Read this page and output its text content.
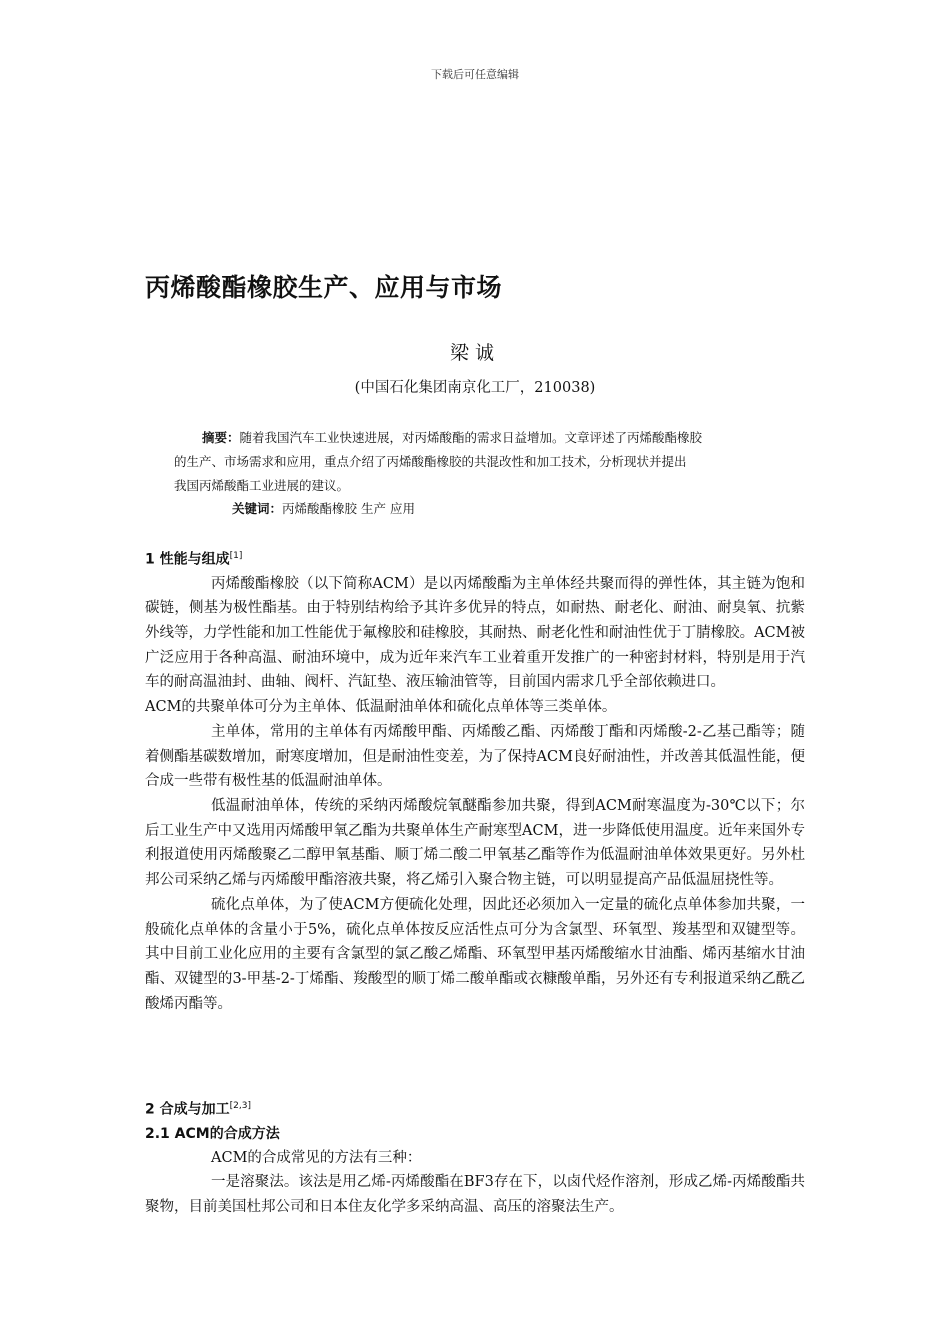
下载后可任意编辑
丙烯酸酯橡胶生产、应用与市场
梁诚
(中国石化集团南京化工厂，210038)
摘要：随着我国汽车工业快速进展，对丙烯酸酯的需求日益增加。文章评述了丙烯酸酯橡胶
的生产、市场需求和应用，重点介绍了丙烯酸酯橡胶的共混改性和加工技术，分析现状并提出
我国丙烯酸酯工业进展的建议。
关键词：丙烯酸酯橡胶 生产 应用
1 性能与组成[1]

丙烯酸酯橡胶（以下简称ACM）是以丙烯酸酯为主单体经共聚而得的弹性体，其主链为饱和碳链，侧基为极性酯基。由于特别结构给予其许多优异的特点，如耐热、耐老化、耐油、耐臭氧、抗紫外线等，力学性能和加工性能优于氟橡胶和硅橡胶，其耐热、耐老化性和耐油性优于丁腈橡胶。ACM被广泛应用于各种高温、耐油环境中，成为近年来汽车工业着重开发推广的一种密封材料，特别是用于汽车的耐高温油封、曲轴、阀杆、汽缸垫、液压输油管等，目前国内需求几乎全部依赖进口。

ACM的共聚单体可分为主单体、低温耐油单体和硫化点单体等三类单体。

主单体，常用的主单体有丙烯酸甲酯、丙烯酸乙酯、丙烯酸丁酯和丙烯酸-2-乙基己酯等；随着侧酯基碳数增加，耐寒度增加，但是耐油性变差，为了保持ACM良好耐油性，并改善其低温性能，便合成一些带有极性基的低温耐油单体。

低温耐油单体，传统的采纳丙烯酸烷氧醚酯参加共聚，得到ACM耐寒温度为-30℃以下；尔后工业生产中又选用丙烯酸甲氧乙酯为共聚单体生产耐寒型ACM，进一步降低使用温度。近年来国外专利报道使用丙烯酸聚乙二醇甲氧基酯、顺丁烯二酸二甲氧基乙酯等作为低温耐油单体效果更好。另外杜邦公司采纳乙烯与丙烯酸甲酯溶液共聚，将乙烯引入聚合物主链，可以明显提高产品低温屈挠性等。

硫化点单体，为了使ACM方便硫化处理，因此还必须加入一定量的硫化点单体参加共聚，一般硫化点单体的含量小于5%，硫化点单体按反应活性点可分为含氯型、环氧型、羧基型和双键型等。其中目前工业化应用的主要有含氯型的氯乙酸乙烯酯、环氧型甲基丙烯酸缩水甘油酯、烯丙基缩水甘油酯、双键型的3-甲基-2-丁烯酯、羧酸型的顺丁烯二酸单酯或衣糠酸单酯，另外还有专利报道采纳乙酰乙酸烯丙酯等。

2 合成与加工[2,3]
2.1 ACM的合成方法

ACM的合成常见的方法有三种：

一是溶聚法。该法是用乙烯-丙烯酸酯在BF3存在下，以卤代烃作溶剂，形成乙烯-丙烯酸酯共聚物，目前美国杜邦公司和日本住友化学多采纳高温、高压的溶聚法生产。
